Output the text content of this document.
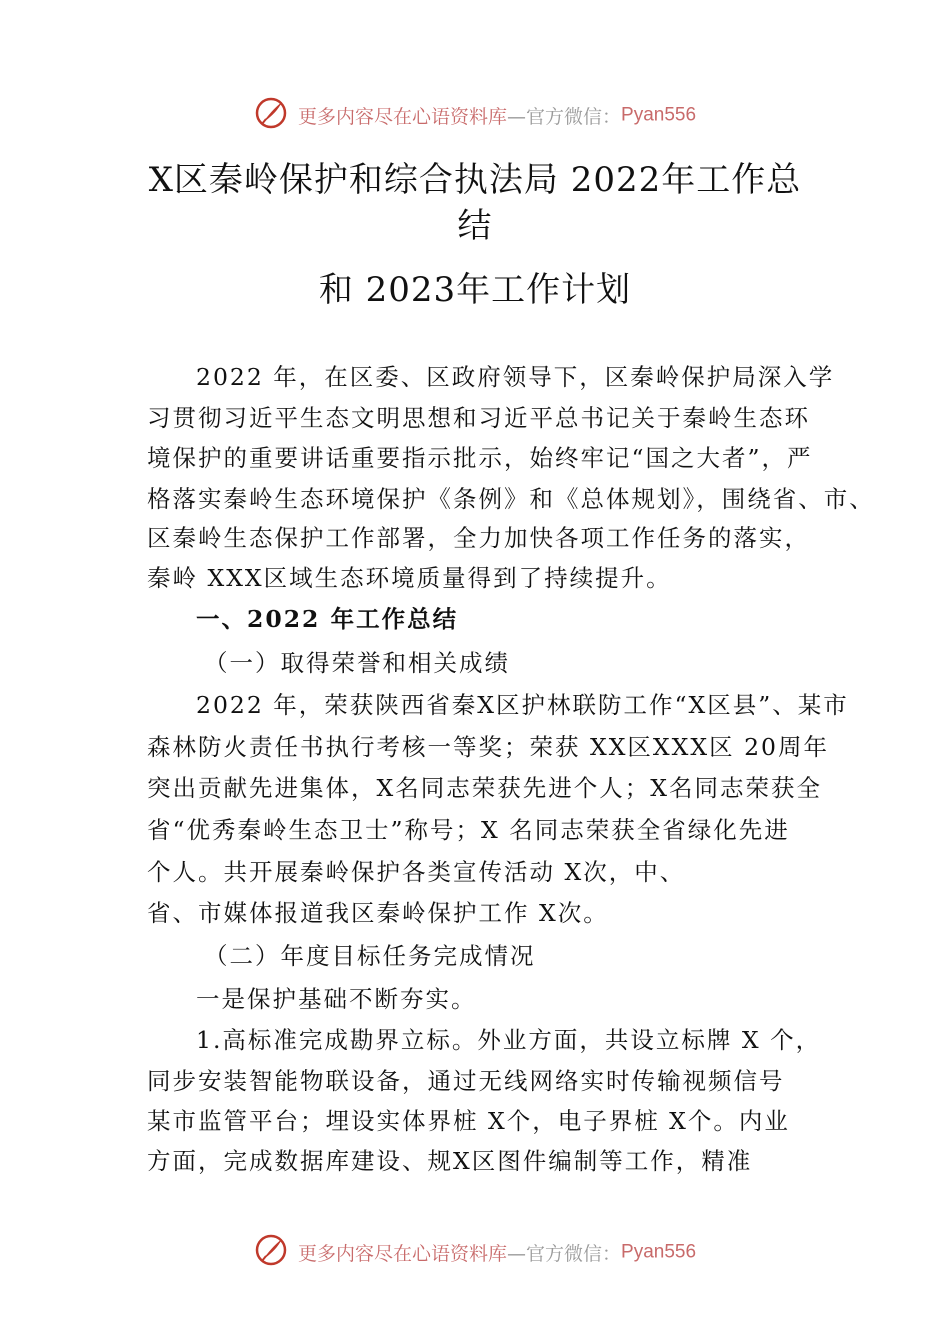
更多内容尽在心语资料库—官方微信：Pyan556
X区秦岭保护和综合执法局 2022年工作总
结
和 2023年工作计划
2022 年，在区委、区政府领导下，区秦岭保护局深入学
习贯彻习近平生态文明思想和习近平总书记关于秦岭生态环
境保护的重要讲话重要指示批示，始终牢记“国之大者”，严
格落实秦岭生态环境保护《条例》和《总体规划》，围绕省、市、
区秦岭生态保护工作部署，全力加快各项工作任务的落实，
秦岭 XXX区域生态环境质量得到了持续提升。
一、2022 年工作总结
（一）取得荣誉和相关成绩
2022 年，荣获陕西省秦X区护林联防工作“X区县”、某市
森林防火责任书执行考核一等奖；荣获 XX区XXX区 20周年
突出贡献先进集体，X名同志荣获先进个人；X名同志荣获全
省“优秀秦岭生态卫士”称号；X 名同志荣获全省绿化先进
个人。共开展秦岭保护各类宣传活动 X次，中、
省、市媒体报道我区秦岭保护工作 X次。
（二）年度目标任务完成情况
一是保护基础不断夯实。
1.高标准完成勘界立标。外业方面，共设立标牌 X 个，
同步安装智能物联设备，通过无线网络实时传输视频信号
某市监管平台；埋设实体界桩 X个，电子界桩 X个。内业
方面，完成数据库建设、规X区图件编制等工作，精准
更多内容尽在心语资料库—官方微信：Pyan556
